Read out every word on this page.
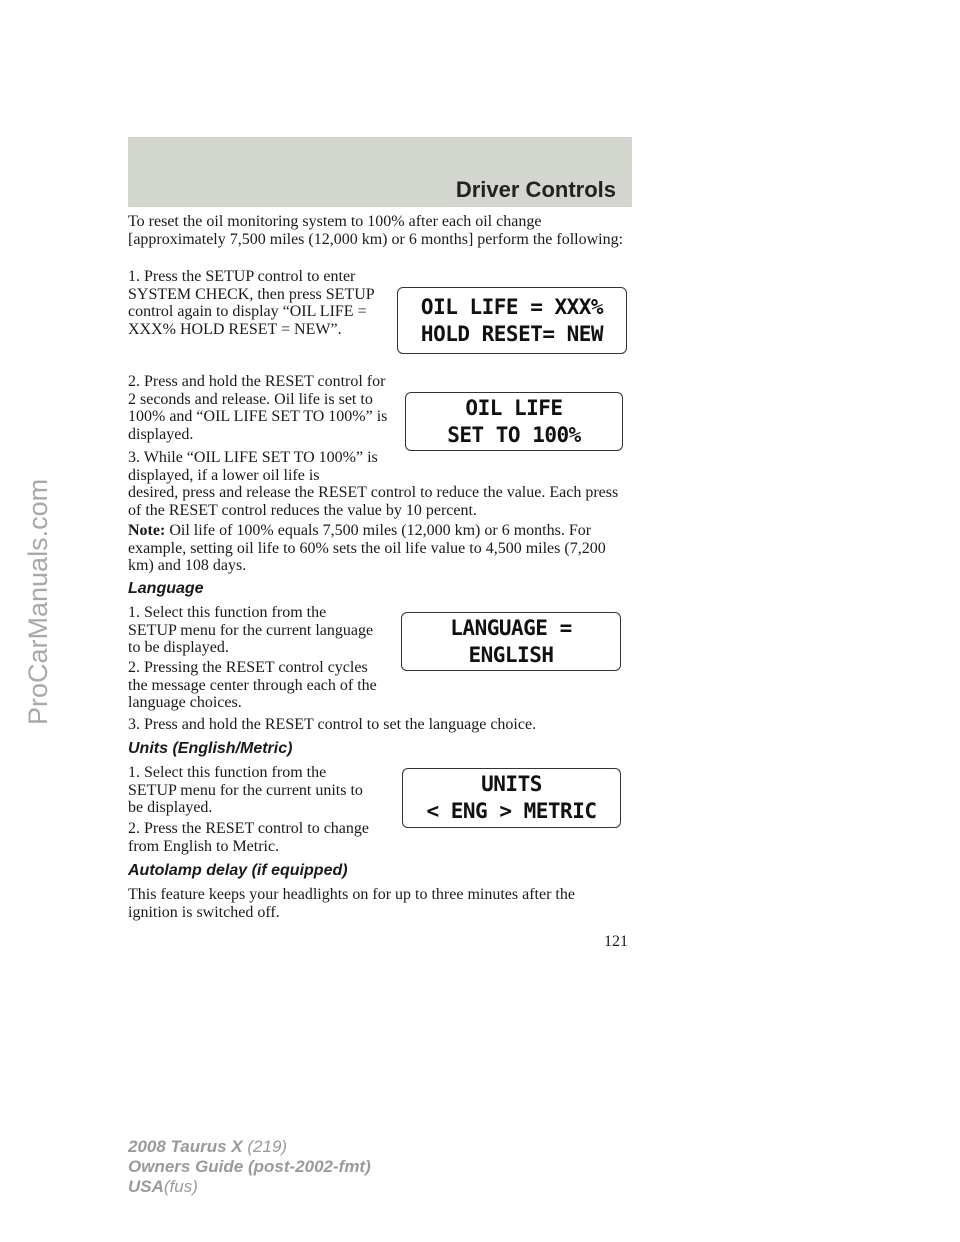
Driver Controls

To reset the oil monitoring system to 100% after each oil change [approximately 7,500 miles (12,000 km) or 6 months] perform the following:

1. Press the SETUP control to enter SYSTEM CHECK, then press SETUP control again to display “OIL LIFE = XXX% HOLD RESET = NEW”.

OIL LIFE = XXX%
HOLD RESET= NEW

2. Press and hold the RESET control for 2 seconds and release. Oil life is set to 100% and “OIL LIFE SET TO 100%” is displayed.

OIL LIFE
SET TO 100%

3. While “OIL LIFE SET TO 100%” is displayed, if a lower oil life is

desired, press and release the RESET control to reduce the value. Each press of the RESET control reduces the value by 10 percent.

Note: Oil life of 100% equals 7,500 miles (12,000 km) or 6 months. For example, setting oil life to 60% sets the oil life value to 4,500 miles (7,200 km) and 108 days.

Language

1. Select this function from the SETUP menu for the current language to be displayed.

LANGUAGE =
ENGLISH

2. Pressing the RESET control cycles the message center through each of the language choices.

3. Press and hold the RESET control to set the language choice.

Units (English/Metric)

1. Select this function from the SETUP menu for the current units to be displayed.

UNITS
< ENG > METRIC

2. Press the RESET control to change from English to Metric.

Autolamp delay (if equipped)

This feature keeps your headlights on for up to three minutes after the ignition is switched off.

121

2008 Taurus X (219)
Owners Guide (post-2002-fmt)
USA(fus)
ProCarManuals.com
